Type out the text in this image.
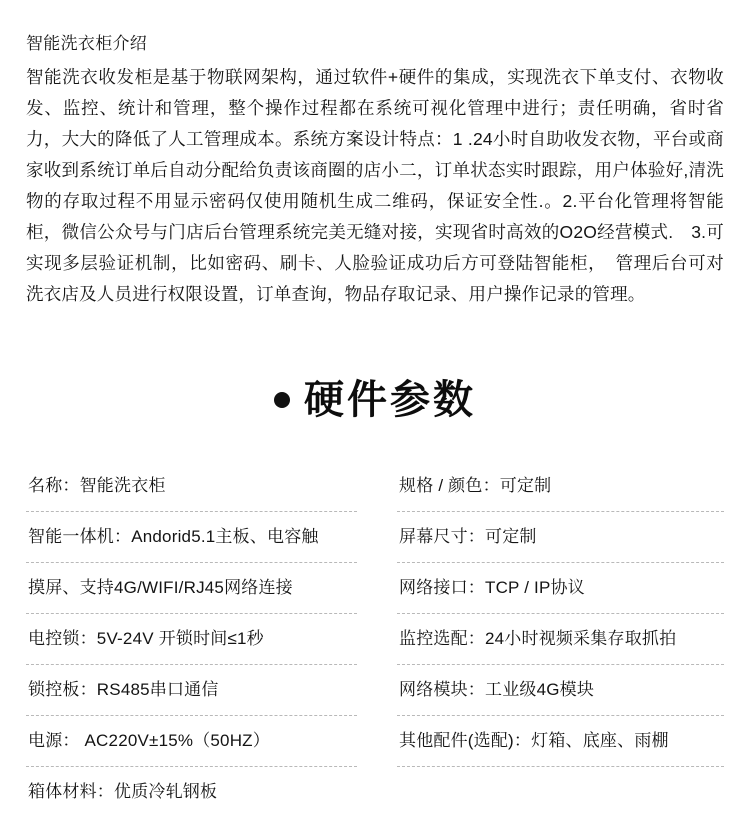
智能洗衣柜介绍

智能洗衣收发柜是基于物联网架构，通过软件+硬件的集成，实现洗衣下单支付、衣物收发、监控、统计和管理，整个操作过程都在系统可视化管理中进行；责任明确，省时省力，大大的降低了人工管理成本。系统方案设计特点：1 .24小时自助收发衣物，平台或商家收到系统订单后自动分配给负责该商圈的店小二，订单状态实时跟踪，用户体验好,清洗物的存取过程不用显示密码仅使用随机生成二维码，保证安全性.。2.平台化管理将智能柜，微信公众号与门店后台管理系统完美无缝对接，实现省时高效的O2O经营模式.　3.可实现多层验证机制，比如密码、刷卡、人脸验证成功后方可登陆智能柜，　管理后台可对洗衣店及人员进行权限设置，订单查询，物品存取记录、用户操作记录的管理。

硬件参数
名称：智能洗衣柜
智能一体机：Andorid5.1主板、电容触
摸屏、支持4G/WIFI/RJ45网络连接
电控锁：5V-24V 开锁时间≤1秒
锁控板：RS485串口通信
电源： AC220V±15%（50HZ）
箱体材料：优质冷轧钢板
规格 / 颜色：可定制
屏幕尺寸：可定制
网络接口：TCP / IP协议
监控选配：24小时视频采集存取抓拍
网络模块：工业级4G模块
其他配件(选配)：灯箱、底座、雨棚
